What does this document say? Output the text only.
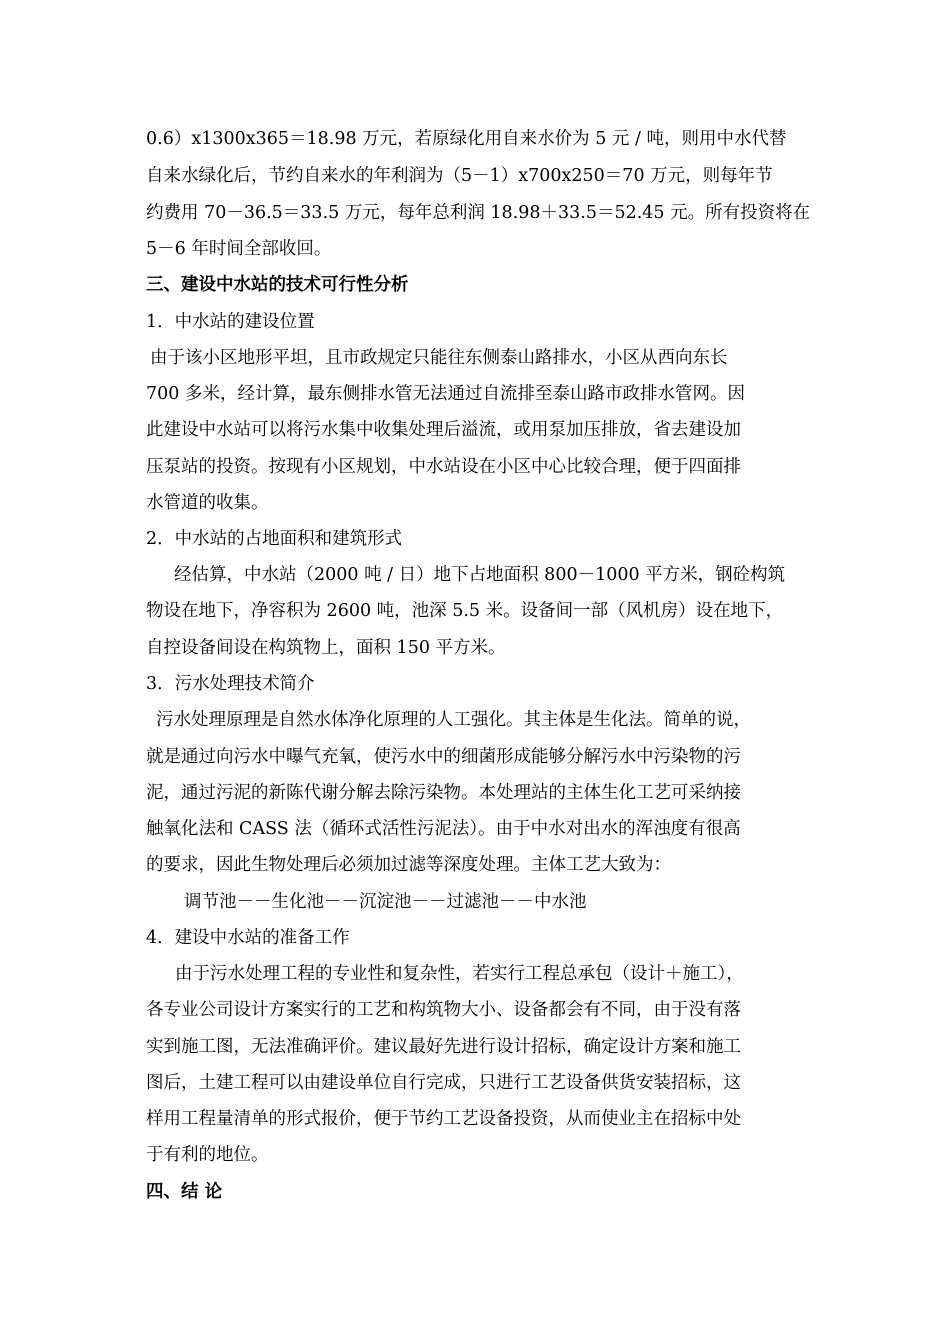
0.6）x1300x365＝18.98 万元，若原绿化用自来水价为 5 元 / 吨，则用中水代替
自来水绿化后，节约自来水的年利润为（5－1）x700x250＝70 万元，则每年节
约费用 70－36.5＝33.5 万元，每年总利润 18.98＋33.5＝52.45 元。所有投资将在
5－6 年时间全部收回。
三、建设中水站的技术可行性分析
1．中水站的建设位置
由于该小区地形平坦，且市政规定只能往东侧泰山路排水，小区从西向东长
700 多米，经计算，最东侧排水管无法通过自流排至泰山路市政排水管网。因
此建设中水站可以将污水集中收集处理后溢流，或用泵加压排放，省去建设加
压泵站的投资。按现有小区规划，中水站设在小区中心比较合理，便于四面排
水管道的收集。
2．中水站的占地面积和建筑形式
经估算，中水站（2000 吨 / 日）地下占地面积 800－1000 平方米，钢砼构筑
物设在地下，净容积为 2600 吨，池深 5.5 米。设备间一部（风机房）设在地下，
自控设备间设在构筑物上，面积 150 平方米。
3．污水处理技术简介
污水处理原理是自然水体净化原理的人工强化。其主体是生化法。简单的说，
就是通过向污水中曝气充氧，使污水中的细菌形成能够分解污水中污染物的污
泥，通过污泥的新陈代谢分解去除污染物。本处理站的主体生化工艺可采纳接
触氧化法和 CASS 法（循环式活性污泥法）。由于中水对出水的浑浊度有很高
的要求，因此生物处理后必须加过滤等深度处理。主体工艺大致为：
调节池－－生化池－－沉淀池－－过滤池－－中水池
4．建设中水站的准备工作
由于污水处理工程的专业性和复杂性，若实行工程总承包（设计＋施工），
各专业公司设计方案实行的工艺和构筑物大小、设备都会有不同，由于没有落
实到施工图，无法准确评价。建议最好先进行设计招标，确定设计方案和施工
图后，土建工程可以由建设单位自行完成，只进行工艺设备供货安装招标，这
样用工程量清单的形式报价，便于节约工艺设备投资，从而使业主在招标中处
于有利的地位。
四、结 论
